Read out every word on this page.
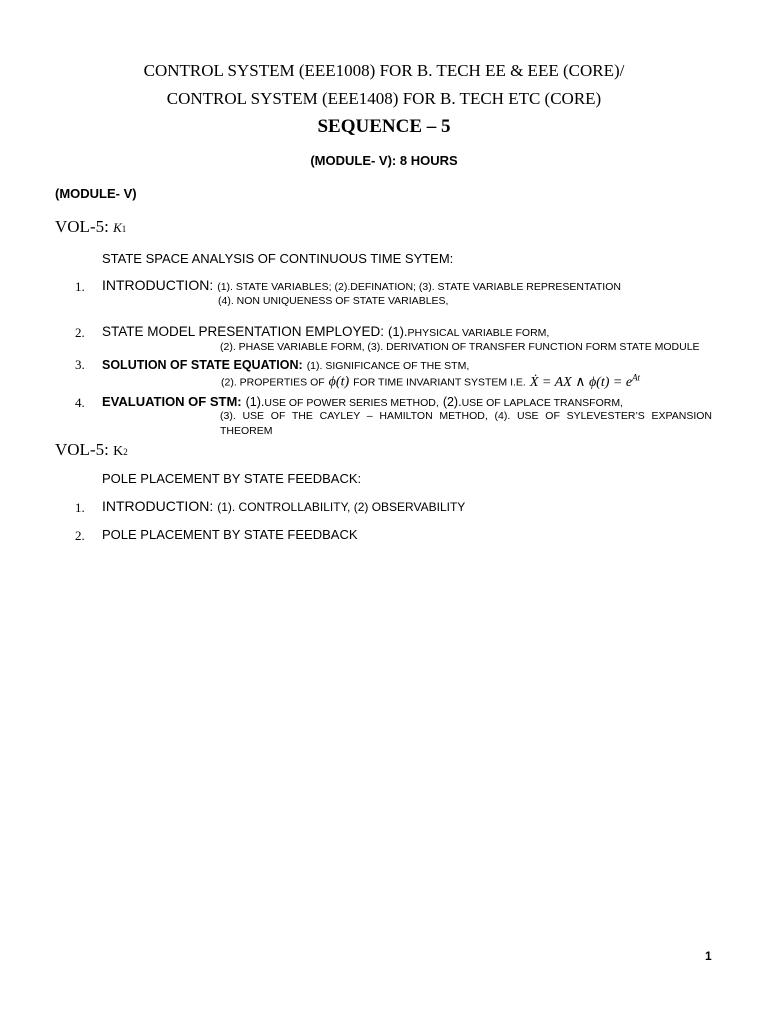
CONTROL SYSTEM (EEE1008) FOR B. TECH EE & EEE (CORE)/
CONTROL SYSTEM (EEE1408) FOR B. TECH ETC (CORE)
SEQUENCE – 5
(MODULE- V): 8 HOURS
(MODULE- V)
VOL-5: K1
STATE SPACE ANALYSIS OF CONTINUOUS TIME SYTEM:
1. INTRODUCTION: (1). STATE VARIABLES; (2).DEFINATION; (3). STATE VARIABLE REPRESENTATION
(4). NON UNIQUENESS OF STATE VARIABLES,
2. STATE MODEL PRESENTATION EMPLOYED: (1).PHYSICAL VARIABLE FORM,
(2). PHASE VARIABLE FORM, (3). DERIVATION OF TRANSFER FUNCTION FORM STATE MODULE
3. SOLUTION OF STATE EQUATION: (1). SIGNIFICANCE OF THE STM,
(2). PROPERTIES OF ϕ(t) FOR TIME INVARIANT SYSTEM I.E. Ẋ = AX ∧ $\phi(t) = e^{At}$
4. EVALUATION OF STM: (1).USE OF POWER SERIES METHOD, (2).USE OF LAPLACE TRANSFORM,
(3). USE OF THE CAYLEY – HAMILTON METHOD, (4). USE OF SYLEVESTER’S EXPANSION THEOREM
VOL-5: K2
POLE PLACEMENT BY STATE FEEDBACK:
1. INTRODUCTION: (1). CONTROLLABILITY, (2) OBSERVABILITY
2. POLE PLACEMENT BY STATE FEEDBACK
1
